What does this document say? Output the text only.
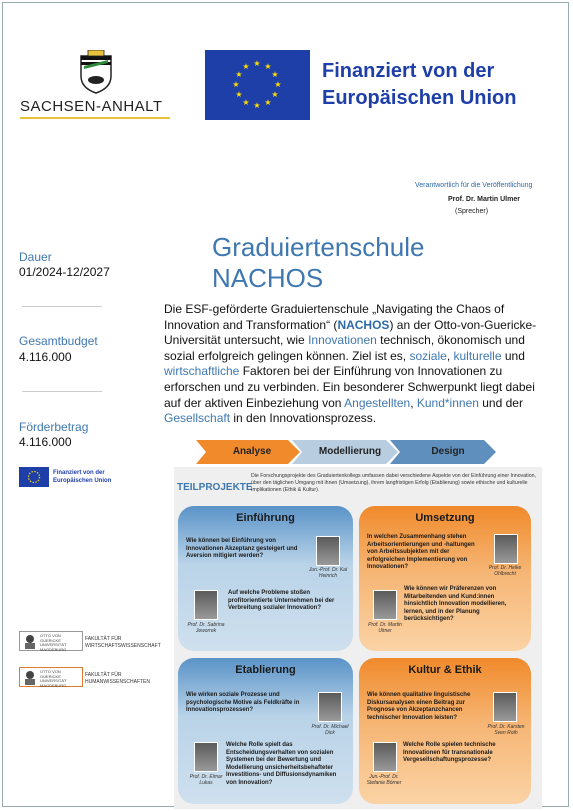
SACHSEN-ANHALT
★ ★
★
★
★
★
★
★
★
★
★
★	Finanziert von der
Europäischen Union
Verantwortlich für die Veröffentlichung
Prof. Dr. Martin Ulmer
(Sprecher)
Dauer
01/2024-12/2027
Gesamtbudget
4.116.000
Förderbetrag
4.116.000
Finanziert von der
Europäischen Union
OTTO VON GUERICKE UNIVERSITÄT MAGDEBURG
FAKULTÄT FÜR
WIRTSCHAFTSWISSENSCHAFT
OTTO VON GUERICKE UNIVERSITÄT MAGDEBURG
FAKULTÄT FÜR
HUMANWISSENSCHAFTEN
Graduiertenschule
NACHOS
Die ESF-geförderte Graduiertenschule „Navigating the Chaos of Innovation and Transformation“ (NACHOS) an der Otto-von-Guericke-Universität untersucht, wie Innovationen technisch, ökonomisch und sozial erfolgreich gelingen können. Ziel ist es, soziale, kulturelle und wirtschaftliche Faktoren bei der Einführung von Innovationen zu erforschen und zu verbinden. Ein besonderer Schwerpunkt liegt dabei auf der aktiven Einbeziehung von Angestellten, Kund*innen und der Gesellschaft in den Innovationsprozess.
Analyse	Modellierung	Design
TEILPROJEKTE
Die Forschungsprojekte des Graduiertenkollegs umfassen dabei verschiedene Aspekte von der Einführung einer Innovation, über den täglichen Umgang mit ihnen (Umsetzung), ihrem langfristigen Erfolg (Etablierung) sowie ethische und kulturelle Implikationen (Ethik & Kultur).
Einführung
Wie können bei Einführung von Innovationen Akzeptanz gesteigert und Aversion mitigiert werden?
Jun.-Prof. Dr. Kai Heinrich
Auf welche Probleme stoßen profitorientierte Unternehmen bei der Verbreitung sozialer Innovation?
Prof. Dr. Sabrina Jeworrek
Umsetzung
In welchen Zusammenhang stehen Arbeitsorientierungen und -haltungen von Arbeitssubjekten mit der erfolgreichen Implementierung von Innovationen?	Prof. Dr. Heike Ohlbrecht
Wie können wir Präferenzen von Mitarbeitenden und Kund:innen hinsichtlich Innovation modellieren, lernen, und in der Planung berücksichtigen?
Prof. Dr. Martin Ulmer
Etablierung
Wie wirken soziale Prozesse und psychologische Motive als Feldkräfte in Innovationsprozessen?
Prof. Dr. Michael Dick
Welche Rolle spielt das Entscheidungsverhalten von sozialen Systemen bei der Bewertung und Modellierung unsicherheitsbehafteter Investitions- und Diffusionsdynamiken von Innovation?
Prof. Dr. Elmar Lukas
Kultur & Ethik
Wie können qualitative linguistische Diskursanalysen einen Beitrag zur Prognose von Akzeptanzchancen technischer Innovation leisten?
Prof. Dr. Karsten Sven Roth
Welche Rolle spielen technische Innovationen für transnationale Vergesellschaftungsprozesse?
Jun.-Prof. Dr. Stefanie Börner
